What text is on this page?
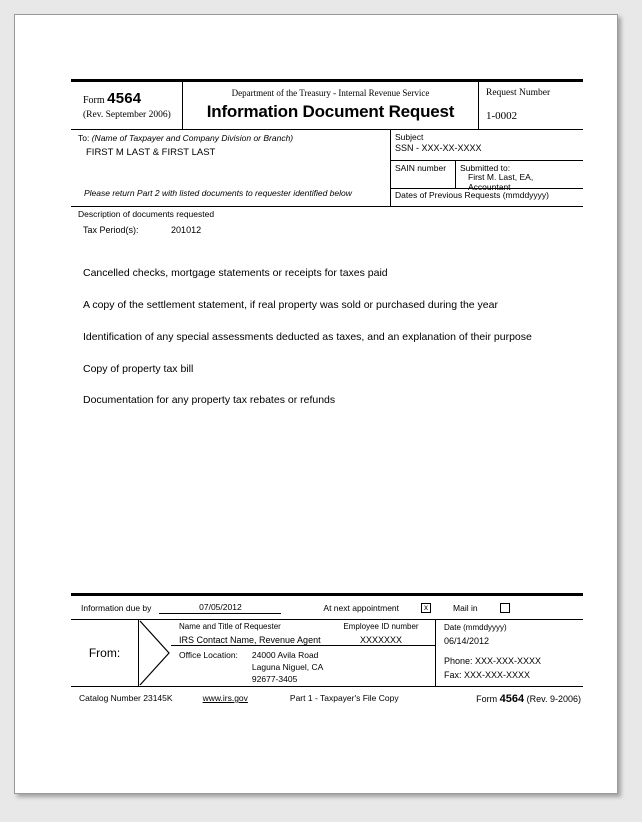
Form 4564
(Rev. September 2006)
Department of the Treasury - Internal Revenue Service
Information Document Request
Request Number
1-0002
To: (Name of Taxpayer and Company Division or Branch)
FIRST M LAST & FIRST LAST
Please return Part 2 with listed documents to requester identified below
Subject
SSN - XXX-XX-XXXX
SAIN number	Submitted to:
First M. Last, EA,
Accountant
Dates of Previous Requests (mmddyyyy)
Description of documents requested
Tax Period(s):	201012

Cancelled checks, mortgage statements or receipts for taxes paid

A copy of the settlement statement, if real property was sold or purchased during the year

Identification of any special assessments deducted as taxes, and an explanation of their purpose

Copy of property tax bill

Documentation for any property tax rebates or refunds

Information due by	07/05/2012	At next appointment	x	Mail in
From:
Name and Title of Requester
IRS Contact Name, Revenue Agent
Employee ID number
XXXXXXX
Date (mmddyyyy)
06/14/2012
Office Location: 24000 Avila Road
Laguna Niguel, CA 92677-3405
Phone: XXX-XXX-XXXX
Fax: XXX-XXX-XXXX
Catalog Number 23145K	www.irs.gov	Part 1 - Taxpayer's File Copy	Form 4564 (Rev. 9-2006)
